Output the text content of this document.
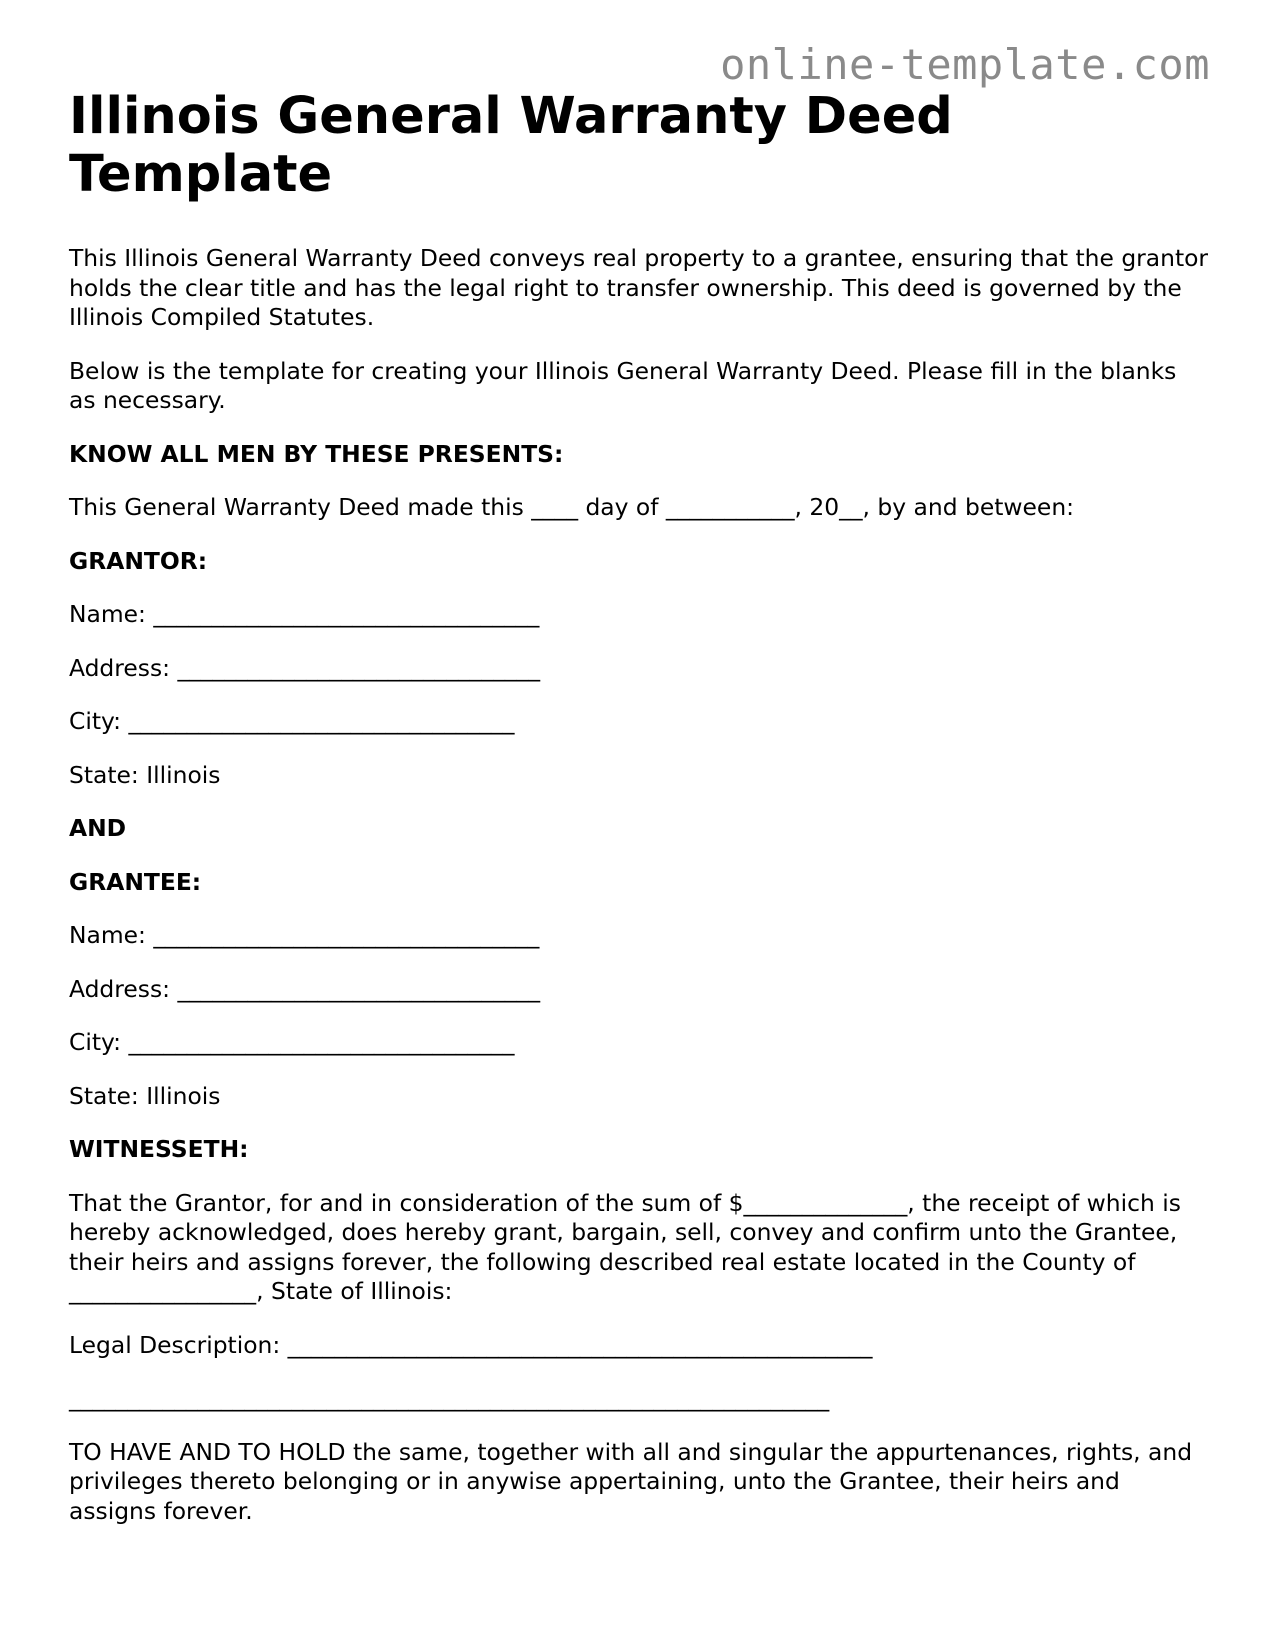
online-template.com
Illinois General Warranty Deed Template

This Illinois General Warranty Deed conveys real property to a grantee, ensuring that the grantor holds the clear title and has the legal right to transfer ownership. This deed is governed by the Illinois Compiled Statutes.

Below is the template for creating your Illinois General Warranty Deed. Please fill in the blanks as necessary.

KNOW ALL MEN BY THESE PRESENTS:

This General Warranty Deed made this ____ day of ___________, 20__, by and between:

GRANTOR:

Name: _________________________________

Address: _______________________________

City: _________________________________

State: Illinois

AND

GRANTEE:

Name: _________________________________

Address: _______________________________

City: _________________________________

State: Illinois

WITNESSETH:

That the Grantor, for and in consideration of the sum of $______________, the receipt of which is hereby acknowledged, does hereby grant, bargain, sell, convey and confirm unto the Grantee, their heirs and assigns forever, the following described real estate located in the County of ________________, State of Illinois:

Legal Description: __________________________________________________

_________________________________________________________________

TO HAVE AND TO HOLD the same, together with all and singular the appurtenances, rights, and privileges thereto belonging or in anywise appertaining, unto the Grantee, their heirs and assigns forever.
